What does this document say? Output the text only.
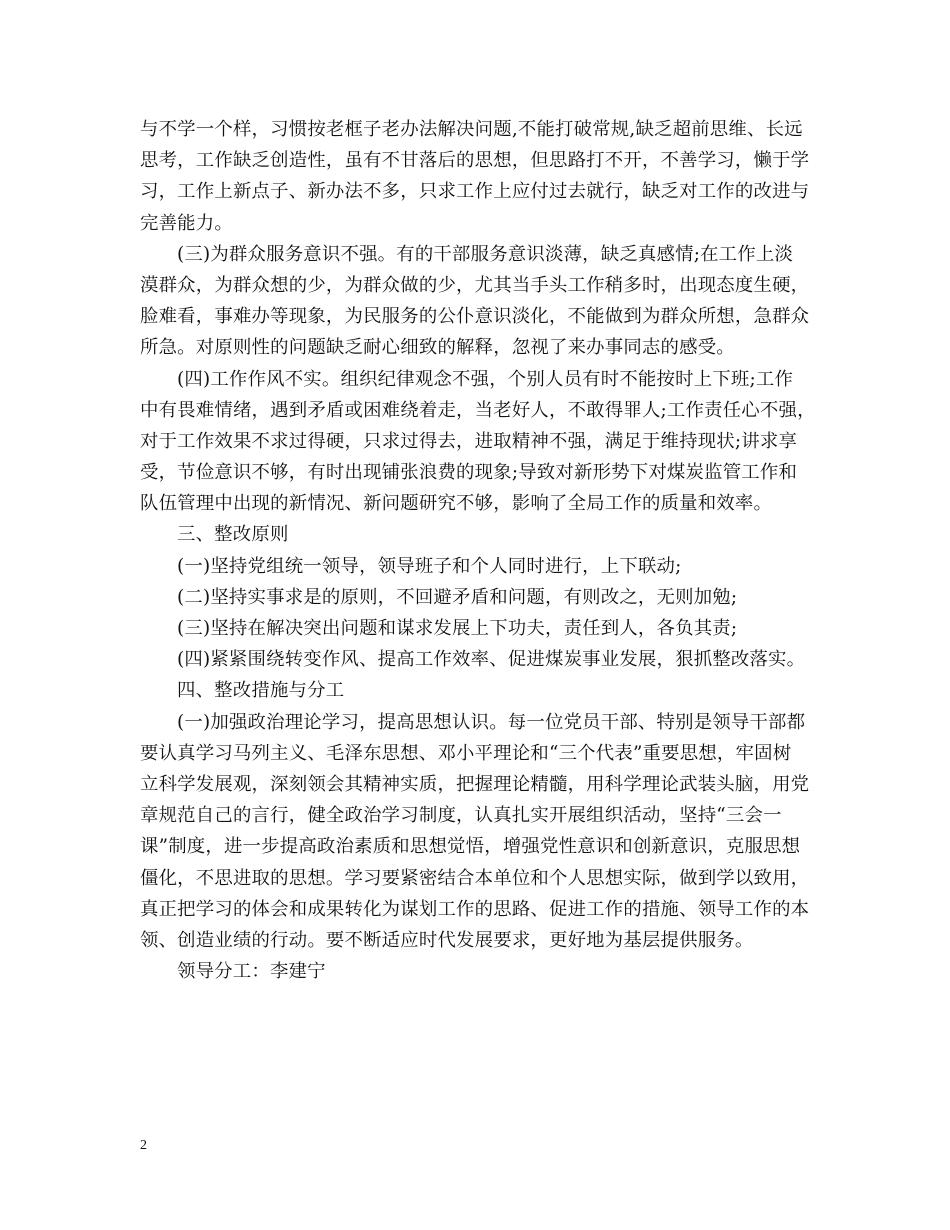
与不学一个样，习惯按老框子老办法解决问题,不能打破常规,缺乏超前思维、长远
思考，工作缺乏创造性，虽有不甘落后的思想，但思路打不开，不善学习，懒于学
习，工作上新点子、新办法不多，只求工作上应付过去就行，缺乏对工作的改进与
完善能力。
(三)为群众服务意识不强。有的干部服务意识淡薄，缺乏真感情;在工作上淡
漠群众，为群众想的少，为群众做的少，尤其当手头工作稍多时，出现态度生硬，
脸难看，事难办等现象，为民服务的公仆意识淡化，不能做到为群众所想，急群众
所急。对原则性的问题缺乏耐心细致的解释，忽视了来办事同志的感受。
(四)工作作风不实。组织纪律观念不强，个别人员有时不能按时上下班;工作
中有畏难情绪，遇到矛盾或困难绕着走，当老好人，不敢得罪人;工作责任心不强，
对于工作效果不求过得硬，只求过得去，进取精神不强，满足于维持现状;讲求享
受，节俭意识不够，有时出现铺张浪费的现象;导致对新形势下对煤炭监管工作和
队伍管理中出现的新情况、新问题研究不够，影响了全局工作的质量和效率。
三、整改原则
(一)坚持党组统一领导，领导班子和个人同时进行，上下联动;
(二)坚持实事求是的原则，不回避矛盾和问题，有则改之，无则加勉;
(三)坚持在解决突出问题和谋求发展上下功夫，责任到人，各负其责;
(四)紧紧围绕转变作风、提高工作效率、促进煤炭事业发展，狠抓整改落实。
四、整改措施与分工
(一)加强政治理论学习，提高思想认识。每一位党员干部、特别是领导干部都
要认真学习马列主义、毛泽东思想、邓小平理论和“三个代表”重要思想，牢固树
立科学发展观，深刻领会其精神实质，把握理论精髓，用科学理论武装头脑，用党
章规范自己的言行，健全政治学习制度，认真扎实开展组织活动，坚持“三会一
课”制度，进一步提高政治素质和思想觉悟，增强党性意识和创新意识，克服思想
僵化，不思进取的思想。学习要紧密结合本单位和个人思想实际，做到学以致用，
真正把学习的体会和成果转化为谋划工作的思路、促进工作的措施、领导工作的本
领、创造业绩的行动。要不断适应时代发展要求，更好地为基层提供服务。
领导分工：李建宁
2
